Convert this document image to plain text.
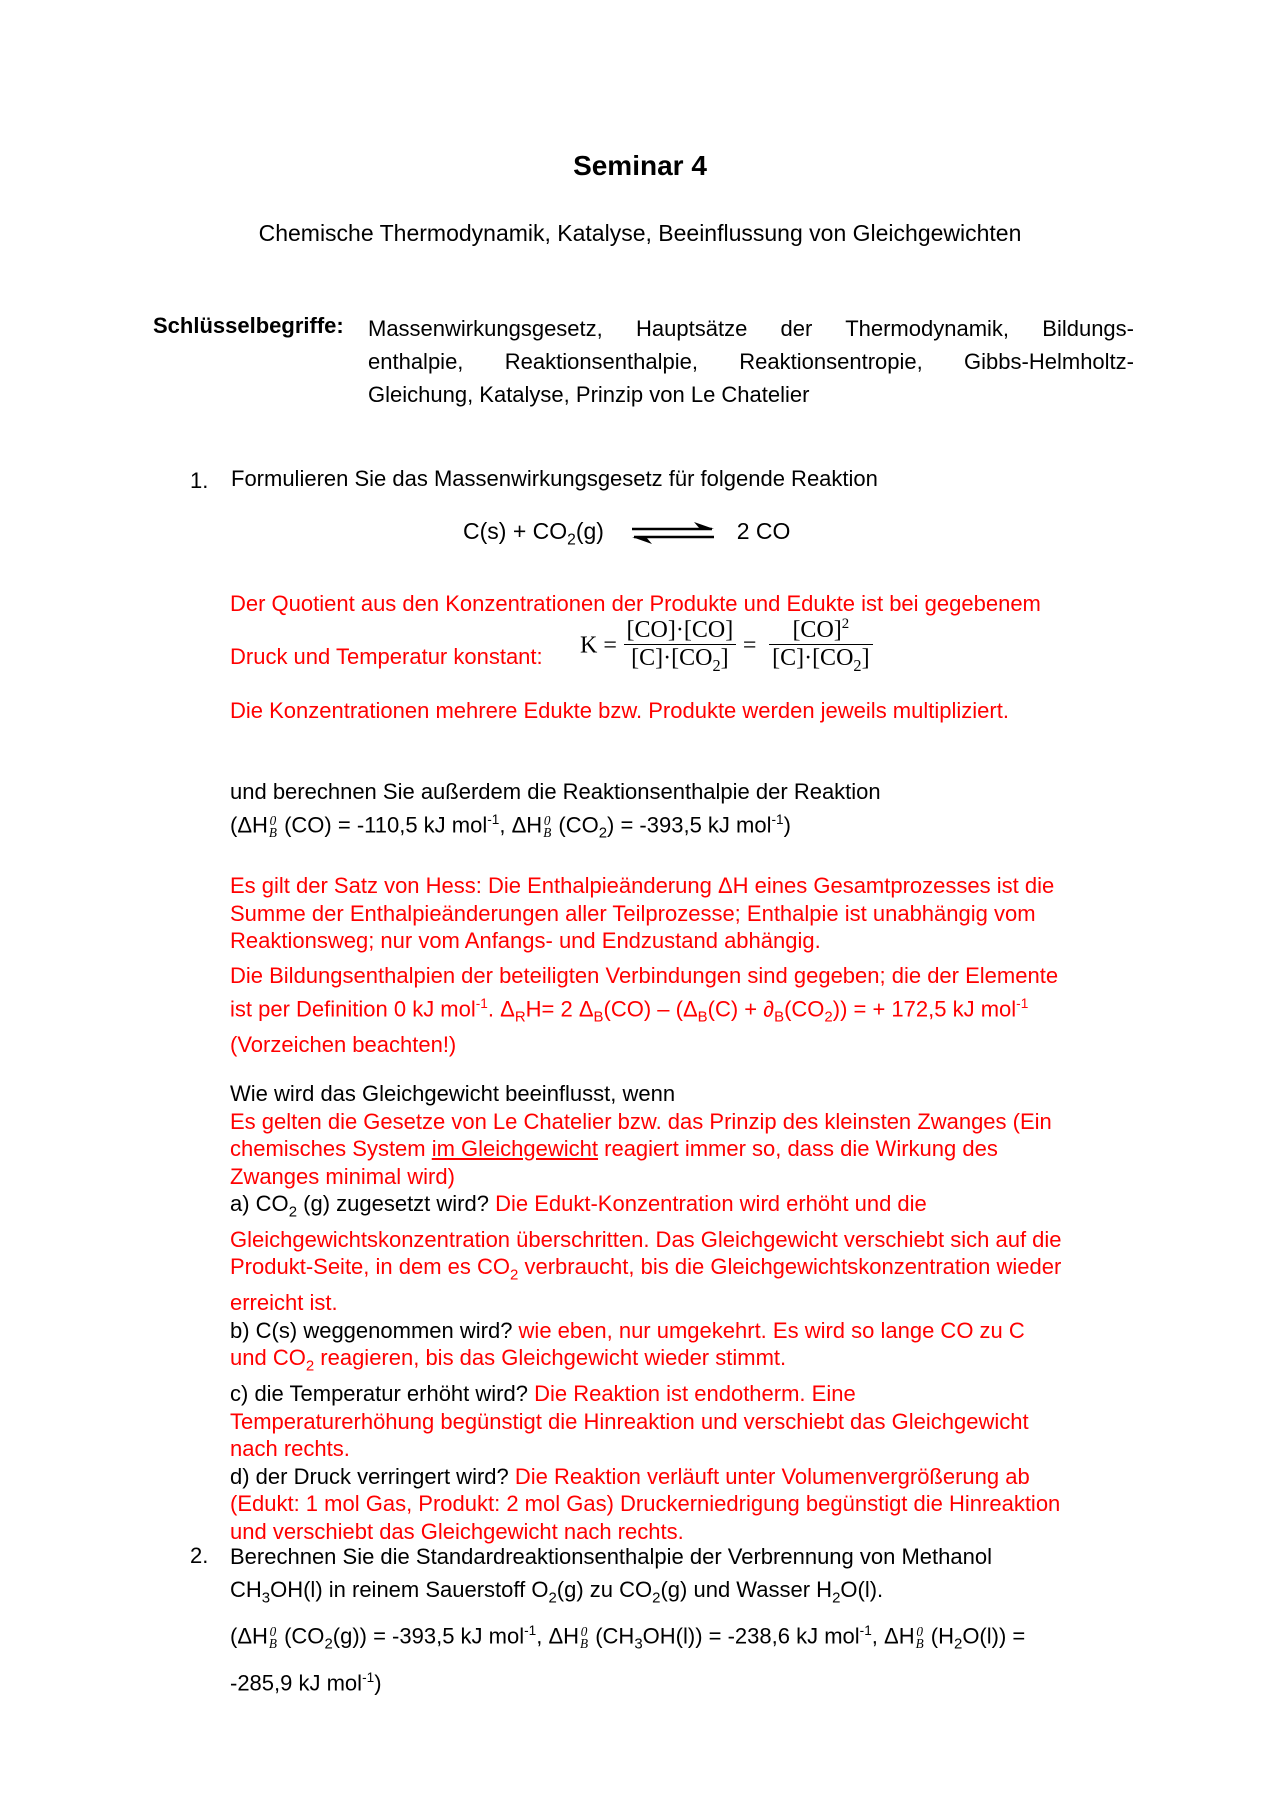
Seminar 4
Chemische Thermodynamik, Katalyse, Beeinflussung von Gleichgewichten
Schlüsselbegriffe: Massenwirkungsgesetz, Hauptsätze der Thermodynamik, Bildungs-
enthalpie, Reaktionsenthalpie, Reaktionsentropie, Gibbs-Helmholtz-
Gleichung, Katalyse, Prinzip von Le Chatelier
1. Formulieren Sie das Massenwirkungsgesetz für folgende Reaktion
$C(s) + CO_2(g)$ ⇌ 2 CO
Der Quotient aus den Konzentrationen der Produkte und Edukte ist bei gegebenem
Druck und Temperatur konstant: $K = \frac{[CO]\cdot[CO]}{[C]\cdot[CO_2]} = \frac{[CO]^2}{[C]\cdot[CO_2]}$
Die Konzentrationen mehrere Edukte bzw. Produkte werden jeweils multipliziert.
und berechnen Sie außerdem die Reaktionsenthalpie der Reaktion
(ΔH 0
B (CO) = -110,5 kJ mol$^{-1}$, ΔH 0
B $(CO_2) = -393,5$ kJ mol$^{-1}$)
Es gilt der Satz von Hess: Die Enthalpieänderung ΔH eines Gesamtprozesses ist die
Summe der Enthalpieänderungen aller Teilprozesse; Enthalpie ist unabhängig vom
Reaktionsweg; nur vom Anfangs- und Endzustand abhängig.
Die Bildungsenthalpien der beteiligten Verbindungen sind gegeben; die der Elemente
ist per Definition 0 kJ mol$^{-1}$. $\Delta_RH= 2$ $\Delta_B(CO) - (\Delta_B(C) + \partial_B(CO_2))$ = + 172,5 kJ mol$^{-1}$
(Vorzeichen beachten!)
Wie wird das Gleichgewicht beeinflusst, wenn
Es gelten die Gesetze von Le Chatelier bzw. das Prinzip des kleinsten Zwanges (Ein
chemisches System im Gleichgewicht reagiert immer so, dass die Wirkung des
Zwanges minimal wird)
a) $CO_2$ (g) zugesetzt wird? Die Edukt-Konzentration wird erhöht und die
Gleichgewichtskonzentration überschritten. Das Gleichgewicht verschiebt sich auf die
Produkt-Seite, in dem es $CO_2$ verbraucht, bis die Gleichgewichtskonzentration wieder
erreicht ist.
b) C(s) weggenommen wird? wie eben, nur umgekehrt. Es wird so lange CO zu C
und $CO_2$ reagieren, bis das Gleichgewicht wieder stimmt.
c) die Temperatur erhöht wird? Die Reaktion ist endotherm. Eine
Temperaturerhöhung begünstigt die Hinreaktion und verschiebt das Gleichgewicht
nach rechts.
d) der Druck verringert wird? Die Reaktion verläuft unter Volumenvergrößerung ab
(Edukt: 1 mol Gas, Produkt: 2 mol Gas) Druckerniedrigung begünstigt die Hinreaktion
und verschiebt das Gleichgewicht nach rechts.
2. Berechnen Sie die Standardreaktionsenthalpie der Verbrennung von Methanol
$CH_3OH(l)$ in reinem Sauerstoff $O_2(g)$ zu $CO_2(g)$ und Wasser $H_2O(l)$.
(ΔH 0
B $(CO_2(g)) = -393,5$ kJ mol$^{-1}$, ΔH 0
B $(CH_3OH(l)) = -238,6$ kJ mol$^{-1}$, ΔH 0
B $(H_2O(l))$ =
-285,9 kJ mol$^{-1}$)
